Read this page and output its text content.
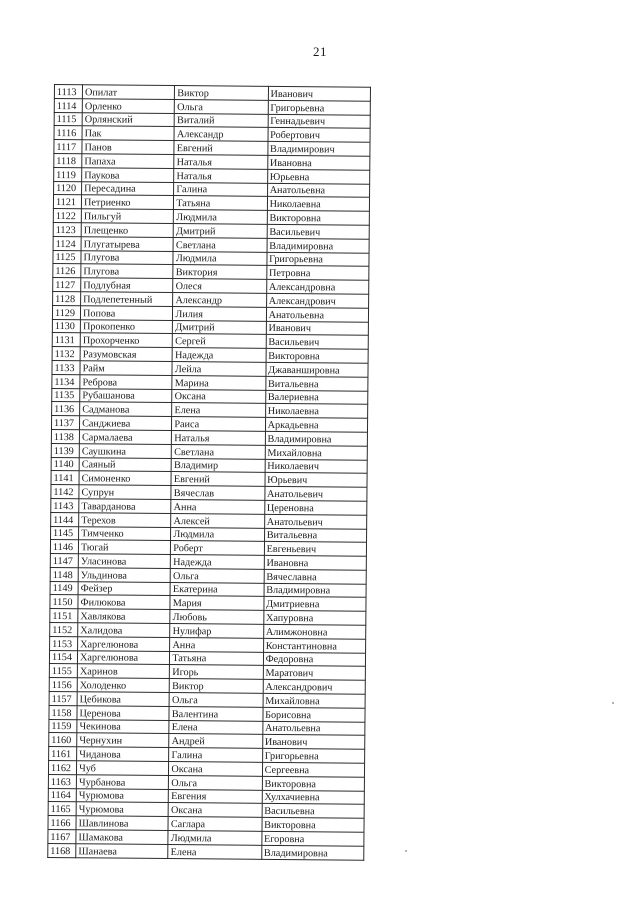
21
1113	Опилат	Виктор	Иванович
1114	Орленко	Ольга	Григорьевна
1115	Орлянский	Виталий	Геннадьевич
1116	Пак	Александр	Робертович
1117	Панов	Евгений	Владимирович
1118	Папаха	Наталья	Ивановна
1119	Паукова	Наталья	Юрьевна
1120	Пересадина	Галина	Анатольевна
1121	Петриенко	Татьяна	Николаевна
1122	Пильгуй	Людмила	Викторовна
1123	Плещенко	Дмитрий	Васильевич
1124	Плугатырева	Светлана	Владимировна
1125	Плугова	Людмила	Григорьевна
1126	Плугова	Виктория	Петровна
1127	Подлубная	Олеся	Александровна
1128	Подлепетенный	Александр	Александрович
1129	Попова	Лилия	Анатольевна
1130	Прокопенко	Дмитрий	Иванович
1131	Прохорченко	Сергей	Васильевич
1132	Разумовская	Надежда	Викторовна
1133	Райм	Лейла	Джаваншировна
1134	Реброва	Марина	Витальевна
1135	Рубашанова	Оксана	Валериевна
1136	Садманова	Елена	Николаевна
1137	Санджиева	Раиса	Аркадьевна
1138	Сармалаева	Наталья	Владимировна
1139	Саушкина	Светлана	Михайловна
1140	Саяный	Владимир	Николаевич
1141	Симоненко	Евгений	Юрьевич
1142	Супрун	Вячеслав	Анатольевич
1143	Таварданова	Анна	Цереновна
1144	Терехов	Алексей	Анатольевич
1145	Тимченко	Людмила	Витальевна
1146	Тюгай	Роберт	Евгеньевич
1147	Уласинова	Надежда	Ивановна
1148	Ульдинова	Ольга	Вячеславна
1149	Фейзер	Екатерина	Владимировна
1150	Филюкова	Мария	Дмитриевна
1151	Хавлякова	Любовь	Хапуровна
1152	Халидова	Нулифар	Алимжоновна
1153	Харгелюнова	Анна	Константиновна
1154	Харгелюнова	Татьяна	Федоровна
1155	Харинов	Игорь	Маратович
1156	Холоденко	Виктор	Александрович
1157	Цебикова	Ольга	Михайловна
1158	Церенова	Валентина	Борисовна
1159	Чекинова	Елена	Анатольевна
1160	Чернухин	Андрей	Иванович
1161	Чиданова	Галина	Григорьевна
1162	Чуб	Оксана	Сергеевна
1163	Чурбанова	Ольга	Викторовна
1164	Чурюмова	Евгения	Хулхачиевна
1165	Чурюмова	Оксана	Васильевна
1166	Шавлинова	Саглара	Викторовна
1167	Шамакова	Людмила	Егоровна
1168	Шанаева	Елена	Владимировна
